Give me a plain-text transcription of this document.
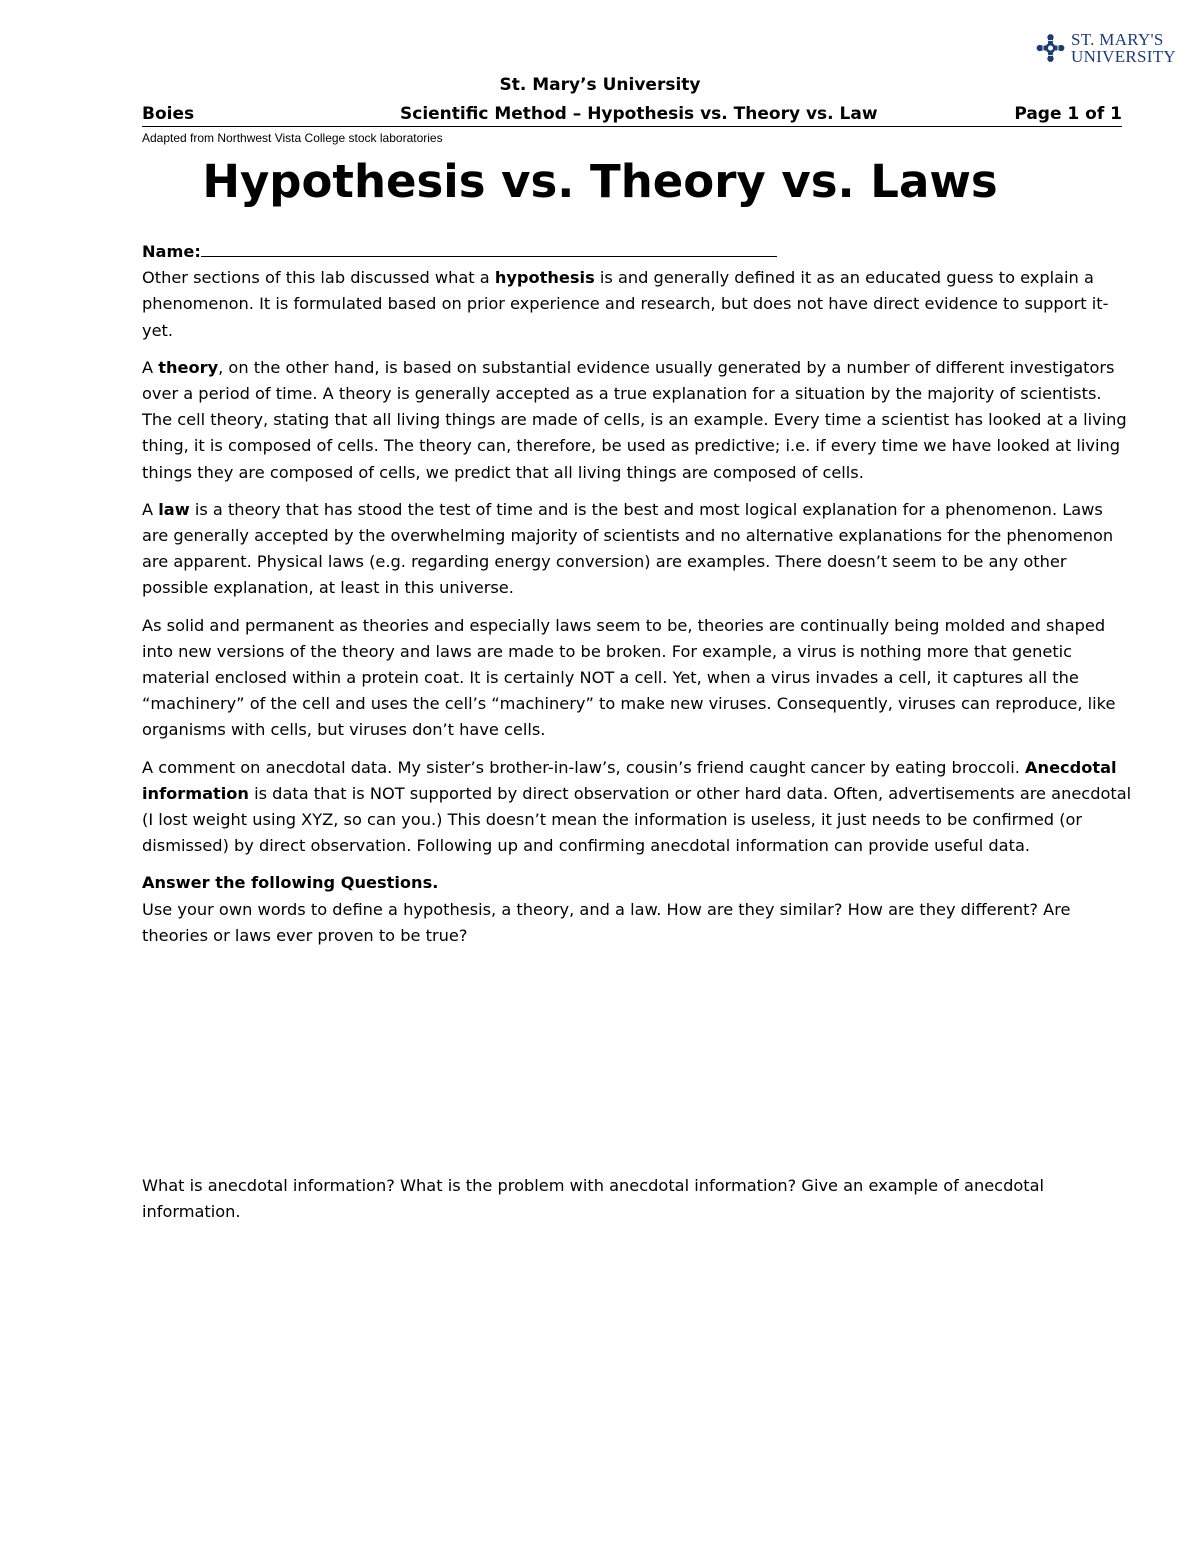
ST. MARY'S
UNIVERSITY
St. Mary’s University
Boies	Scientific Method – Hypothesis vs. Theory vs. Law	Page 1 of 1
Adapted from Northwest Vista College stock laboratories
Hypothesis vs. Theory vs. Laws

Name:

Other sections of this lab discussed what a hypothesis is and generally defined it as an educated guess to explain a phenomenon. It is formulated based on prior experience and research, but does not have direct evidence to support it- yet.

A theory, on the other hand, is based on substantial evidence usually generated by a number of different investigators over a period of time. A theory is generally accepted as a true explanation for a situation by the majority of scientists. The cell theory, stating that all living things are made of cells, is an example. Every time a scientist has looked at a living thing, it is composed of cells. The theory can, therefore, be used as predictive; i.e. if every time we have looked at living things they are composed of cells, we predict that all living things are composed of cells.

A law is a theory that has stood the test of time and is the best and most logical explanation for a phenomenon. Laws are generally accepted by the overwhelming majority of scientists and no alternative explanations for the phenomenon are apparent. Physical laws (e.g. regarding energy conversion) are examples. There doesn’t seem to be any other possible explanation, at least in this universe.

As solid and permanent as theories and especially laws seem to be, theories are continually being molded and shaped into new versions of the theory and laws are made to be broken. For example, a virus is nothing more that genetic material enclosed within a protein coat. It is certainly NOT a cell. Yet, when a virus invades a cell, it captures all the “machinery” of the cell and uses the cell’s “machinery” to make new viruses. Consequently, viruses can reproduce, like organisms with cells, but viruses don’t have cells.

A comment on anecdotal data. My sister’s brother-in-law’s, cousin’s friend caught cancer by eating broccoli. Anecdotal information is data that is NOT supported by direct observation or other hard data. Often, advertisements are anecdotal (I lost weight using XYZ, so can you.) This doesn’t mean the information is useless, it just needs to be confirmed (or dismissed) by direct observation. Following up and confirming anecdotal information can provide useful data.

Answer the following Questions.

Use your own words to define a hypothesis, a theory, and a law. How are they similar? How are they different? Are theories or laws ever proven to be true?

What is anecdotal information? What is the problem with anecdotal information? Give an example of anecdotal information.
